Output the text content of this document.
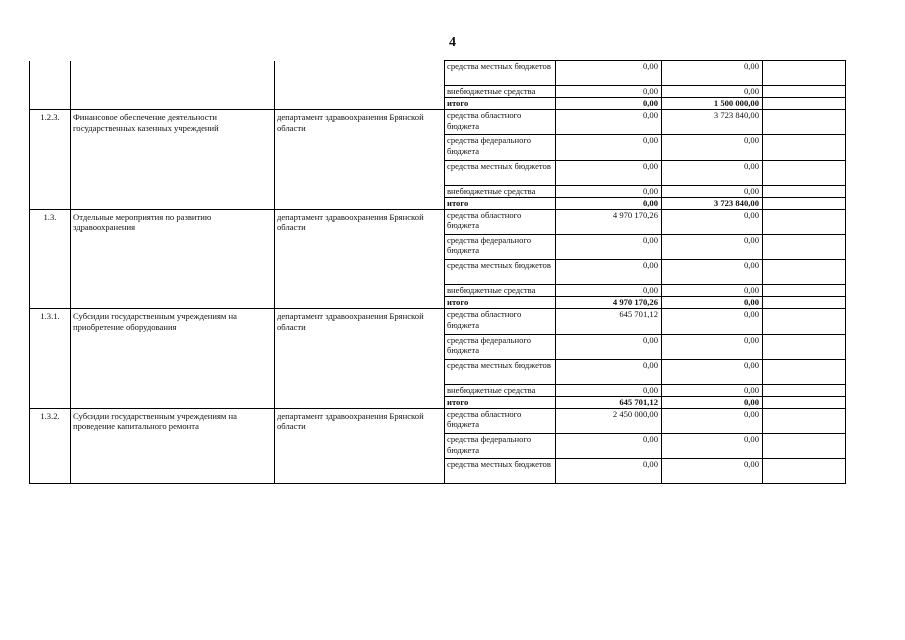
4
			средства местных бюджетов	0,00	0,00	
			внебюджетные средства	0,00	0,00	
			итого	0,00	1 500 000,00	
1.2.3.	Финансовое обеспечение деятельности государственных казенных учреждений	департамент здравоохранения Брянской области	средства областного бюджета	0,00	3 723 840,00	
			средства федерального бюджета	0,00	0,00	
			средства местных бюджетов	0,00	0,00	
			внебюджетные средства	0,00	0,00	
			итого	0,00	3 723 840,00	
1.3.	Отдельные мероприятия по развитию здравоохранения	департамент здравоохранения Брянской области	средства областного бюджета	4 970 170,26	0,00	
			средства федерального бюджета	0,00	0,00	
			средства местных бюджетов	0,00	0,00	
			внебюджетные средства	0,00	0,00	
			итого	4 970 170,26	0,00	
1.3.1.	Субсидии государственным учреждениям на приобретение оборудования	департамент здравоохранения Брянской области	средства областного бюджета	645 701,12	0,00	
			средства федерального бюджета	0,00	0,00	
			средства местных бюджетов	0,00	0,00	
			внебюджетные средства	0,00	0,00	
			итого	645 701,12	0,00	
1.3.2.	Субсидии государственным учреждениям на проведение капитального ремонта	департамент здравоохранения Брянской области	средства областного бюджета	2 450 000,00	0,00	
			средства федерального бюджета	0,00	0,00	
			средства местных бюджетов	0,00	0,00	
